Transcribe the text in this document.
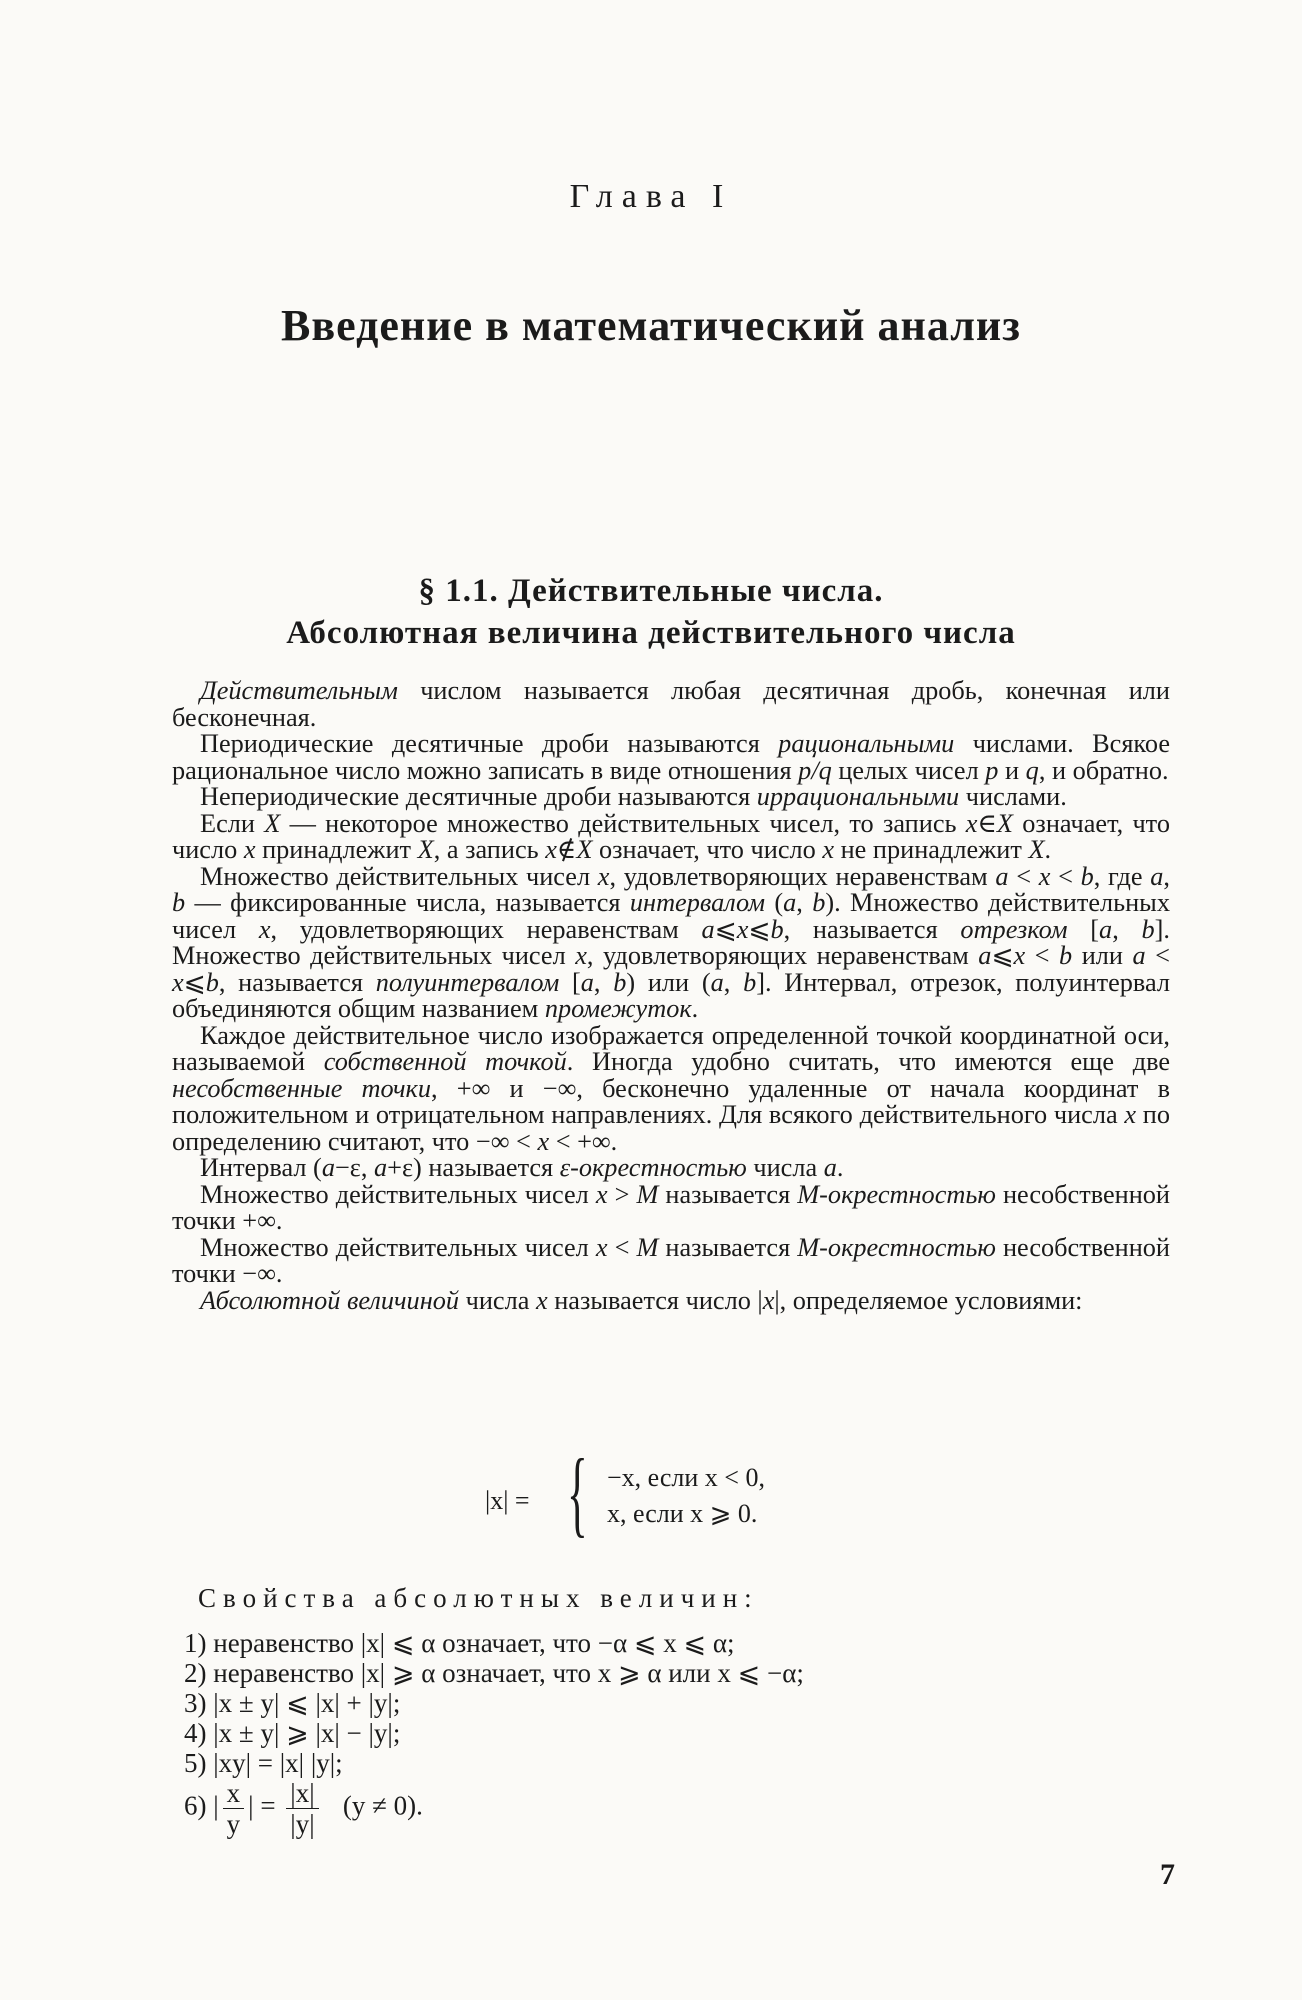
Глава I
Введение в математический анализ
§ 1.1. Действительные числа.
Абсолютная величина действительного числа

Действительным числом называется любая десятичная дробь, конечная или бесконечная.

Периодические десятичные дроби называются рациональными числами. Всякое рациональное число можно записать в виде отношения p/q целых чисел p и q, и обратно.

Непериодические десятичные дроби называются иррациональными числами.

Если X — некоторое множество действительных чисел, то запись x∈X означает, что число x принадлежит X, а запись x∉X означает, что число x не принадлежит X.

Множество действительных чисел x, удовлетворяющих неравенствам a < x < b, где a, b — фиксированные числа, называется интервалом (a, b). Множество действительных чисел x, удовлетворяющих неравенствам a⩽x⩽b, называется отрезком [a, b]. Множество действительных чисел x, удовлетворяющих неравенствам a⩽x < b или a < x⩽b, называется полуинтервалом [a, b) или (a, b]. Интервал, отрезок, полуинтервал объединяются общим названием промежуток.

Каждое действительное число изображается определенной точкой координатной оси, называемой собственной точкой. Иногда удобно считать, что имеются еще две несобственные точки, +∞ и −∞, бесконечно удаленные от начала координат в положительном и отрицательном направлениях. Для всякого действительного числа x по определению считают, что −∞ < x < +∞.

Интервал (a−ε, a+ε) называется ε-окрестностью числа a.

Множество действительных чисел x > M называется M-окрестностью несобственной точки +∞.

Множество действительных чисел x < M называется M-окрестностью несобственной точки −∞.

Абсолютной величиной числа x называется число |x|, определяемое условиями:

|x| = { −x, если x < 0,
x, если x ⩾ 0.
Свойства абсолютных величин:
1) неравенство |x| ⩽ α означает, что −α ⩽ x ⩽ α;
2) неравенство |x| ⩾ α означает, что x ⩾ α или x ⩽ −α;
3) |x ± y| ⩽ |x| + |y|;
4) |x ± y| ⩾ |x| − |y|;
5) |xy| = |x| |y|;
6) | $\frac{x}{y}$ | = $\frac{|x|}{|y|} (y \ne 0)$.
7
